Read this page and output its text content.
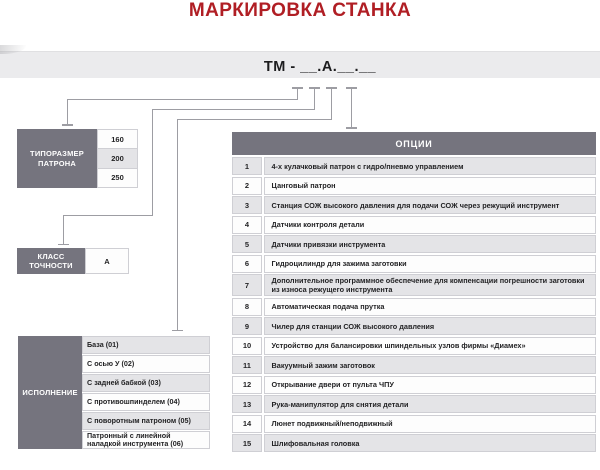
МАРКИРОВКА СТАНКА
ТМ - __.А.__.__
ТИПОРАЗМЕР ПАТРОНА
160
200
250
КЛАСС ТОЧНОСТИ	А
ИСПОЛНЕНИЕ
База (01)
С осью У (02)
С задней бабкой (03)
С противошпинделем (04)
С поворотным патроном (05)
Патронный с линейной наладкой инструмента (06)
ОПЦИИ
1	4-х кулачковый патрон с гидро/пневмо управлением
2	Цанговый патрон
3	Станция СОЖ высокого давления для подачи СОЖ через режущий инструмент
4	Датчики контроля детали
5	Датчики привязки инструмента
6	Гидроцилиндр для зажима заготовки
7	Дополнительное программное обеспечение для компенсации погрешности заготовки из износа режущего инструмента
8	Автоматическая подача прутка
9	Чилер для станции СОЖ высокого давления
10	Устройство для балансировки шпиндельных узлов фирмы «Диамех»
11	Вакуумный зажим заготовок
12	Открывание двери от пульта ЧПУ
13	Рука-манипулятор для снятия детали
14	Люнет подвижный/неподвижный
15	Шлифовальная головка
